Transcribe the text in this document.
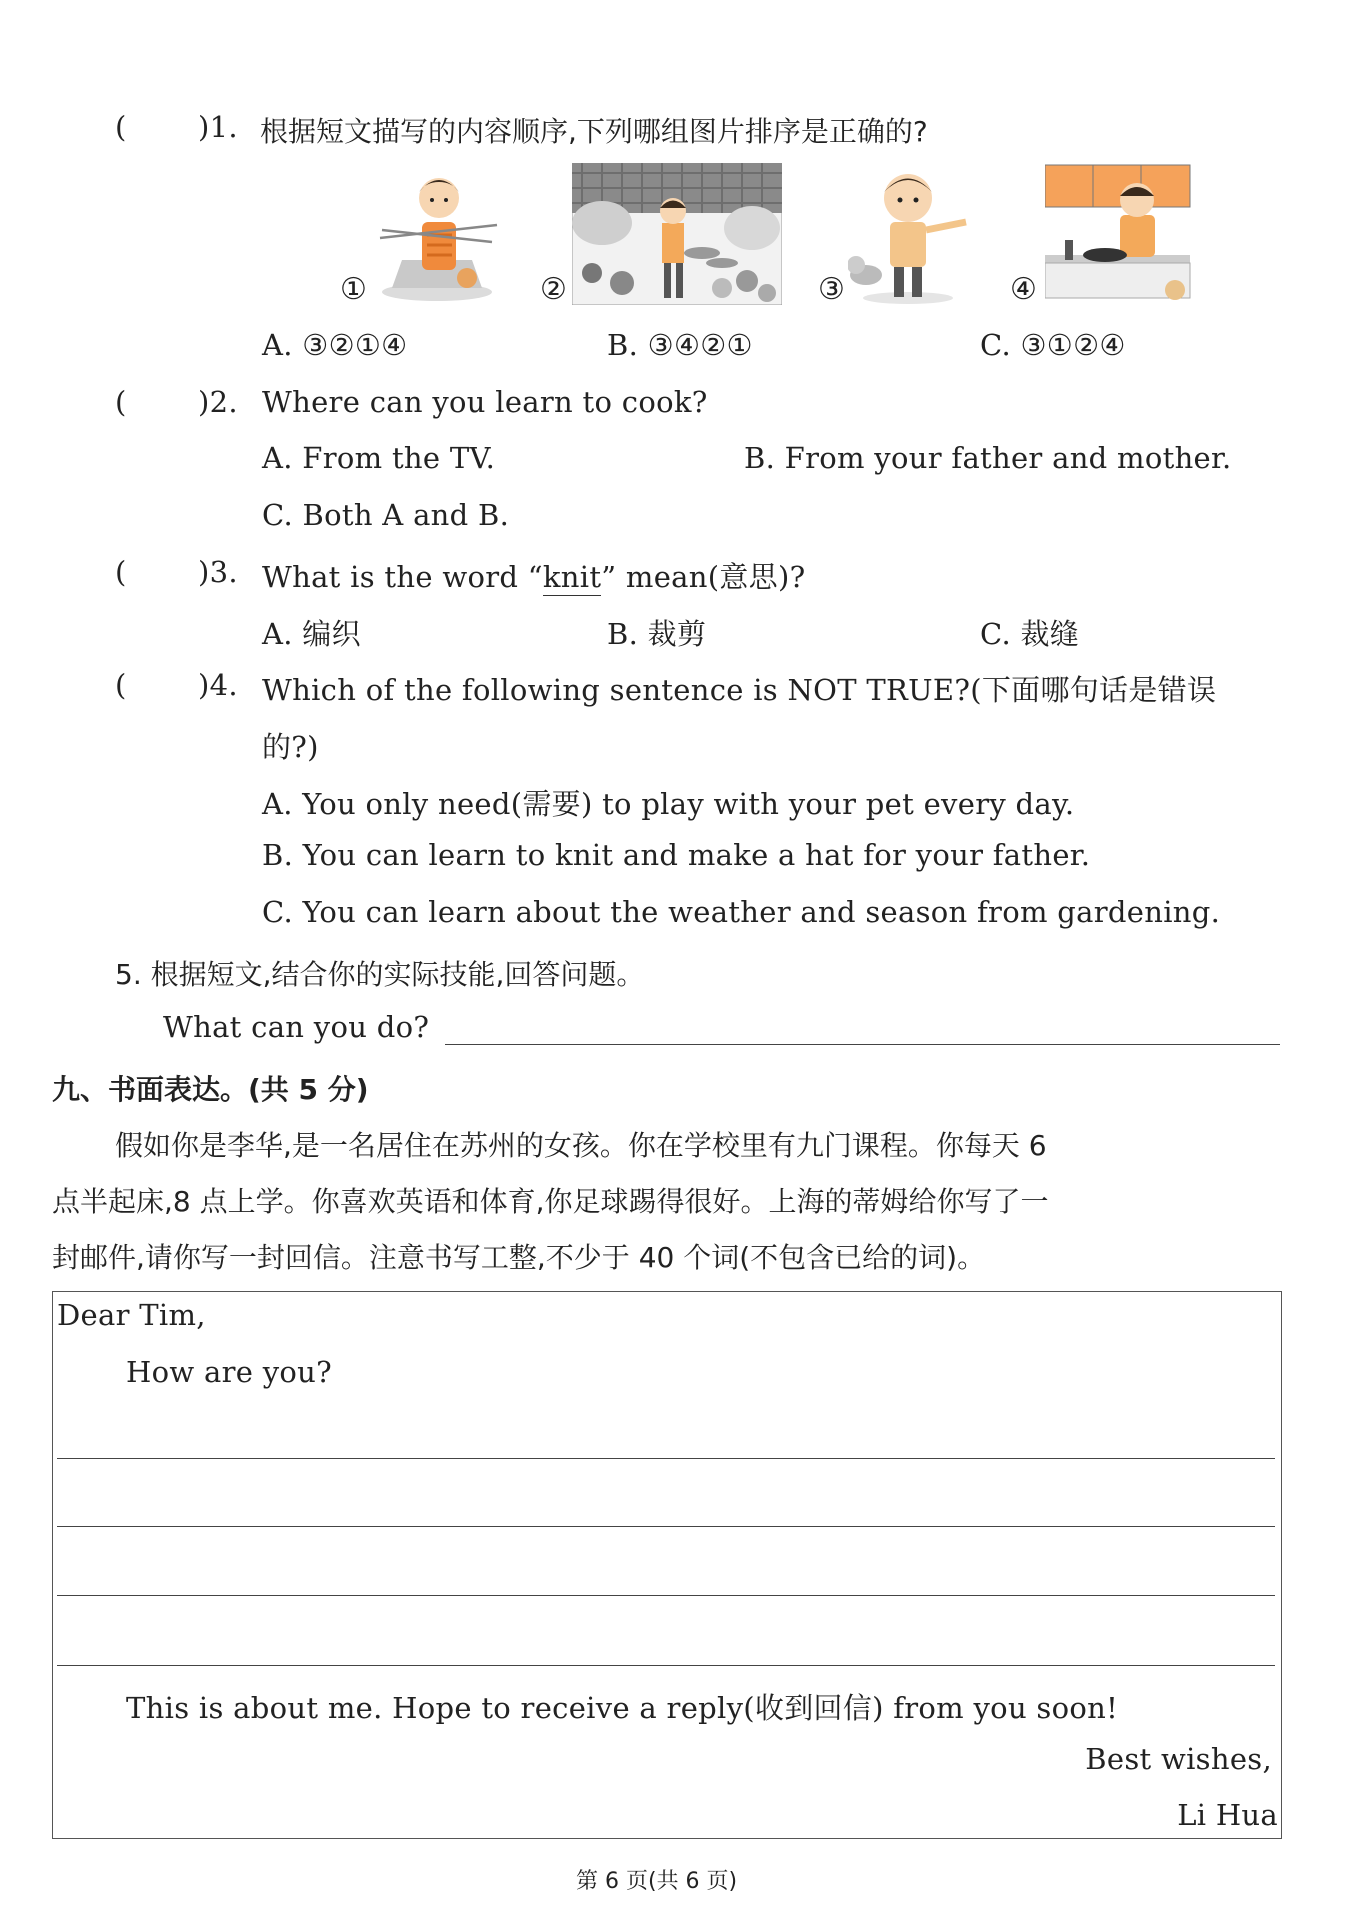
( )1. 根据短文描写的内容顺序,下列哪组图片排序是正确的?
①	②	③	④
A. ③②①④	B. ③④②①	C. ③①②④
( )2. Where can you learn to cook?
A. From the TV.	B. From your father and mother.
C. Both A and B.
( )3. What is the word “knit” mean(意思)?
A. 编织	B. 裁剪	C. 裁缝
( )4. Which of the following sentence is NOT TRUE?(下面哪句话是错误
的?)
A. You only need(需要) to play with your pet every day.
B. You can learn to knit and make a hat for your father.
C. You can learn about the weather and season from gardening.
5. 根据短文,结合你的实际技能,回答问题。
What can you do?
九、书面表达。(共 5 分)
假如你是李华,是一名居住在苏州的女孩。你在学校里有九门课程。你每天 6
点半起床,8 点上学。你喜欢英语和体育,你足球踢得很好。上海的蒂姆给你写了一
封邮件,请你写一封回信。注意书写工整,不少于 40 个词(不包含已给的词)。
Dear Tim,
How are you?
This is about me. Hope to receive a reply(收到回信) from you soon!
Best wishes,
Li Hua
第 6 页(共 6 页)
